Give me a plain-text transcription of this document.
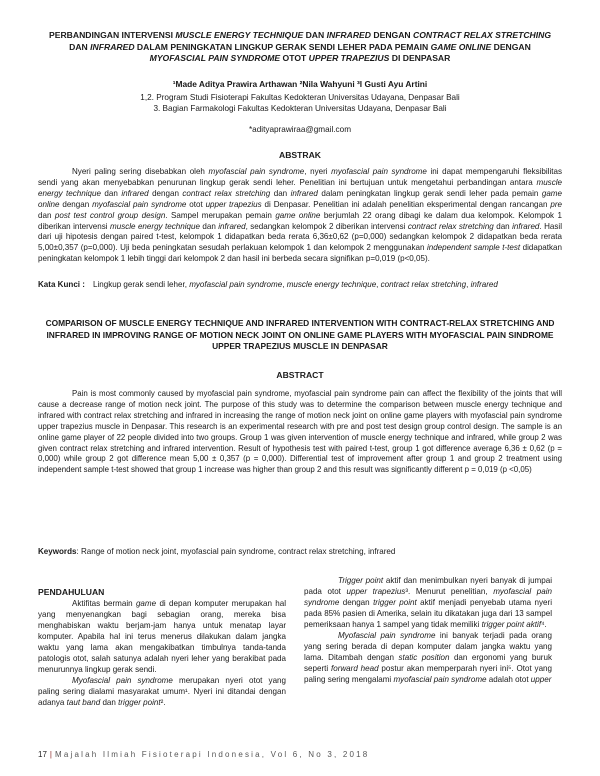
PERBANDINGAN INTERVENSI MUSCLE ENERGY TECHNIQUE DAN INFRARED DENGAN CONTRACT RELAX STRETCHING DAN INFRARED DALAM PENINGKATAN LINGKUP GERAK SENDI LEHER PADA PEMAIN GAME ONLINE DENGAN MYOFASCIAL PAIN SYNDROME OTOT UPPER TRAPEZIUS DI DENPASAR
¹Made Aditya Prawira Arthawan ²Nila Wahyuni ³I Gusti Ayu Artini
1,2. Program Studi Fisioterapi Fakultas Kedokteran Universitas Udayana, Denpasar Bali
3. Bagian Farmakologi Fakultas Kedokteran Universitas Udayana, Denpasar Bali
*adityaprawiraa@gmail.com
ABSTRAK
Nyeri paling sering disebabkan oleh myofascial pain syndrome, nyeri myofascial pain syndrome ini dapat mempengaruhi fleksibilitas sendi yang akan menyebabkan penurunan lingkup gerak sendi leher. Penelitian ini bertujuan untuk mengetahui perbandingan antara muscle energy technique dan infrared dengan contract relax stretching dan infrared dalam peningkatan lingkup gerak sendi leher pada pemain game online dengan myofascial pain syndrome otot upper trapezius di Denpasar. Penelitian ini adalah penelitian eksperimental dengan rancangan pre dan post test control group design. Sampel merupakan pemain game online berjumlah 22 orang dibagi ke dalam dua kelompok. Kelompok 1 diberikan intervensi muscle energy technique dan infrared, sedangkan kelompok 2 diberikan intervensi contract relax stretching dan infrared. Hasil dari uji hipotesis dengan paired t-test, kelompok 1 didapatkan beda rerata 6,36±0,62 (p=0,000) sedangkan kelompok 2 didapatkan beda rerata 5,00±0,357 (p=0,000). Uji beda peningkatan sesudah perlakuan kelompok 1 dan kelompok 2 menggunakan independent sample t-test didapatkan peningkatan kelompok 1 lebih tinggi dari kelompok 2 dan hasil ini berbeda secara signifikan p=0,019 (p<0,05).
Kata Kunci : Lingkup gerak sendi leher, myofascial pain syndrome, muscle energy technique, contract relax stretching, infrared
COMPARISON OF MUSCLE ENERGY TECHNIQUE AND INFRARED INTERVENTION WITH CONTRACT-RELAX STRETCHING AND INFRARED IN IMPROVING RANGE OF MOTION NECK JOINT ON ONLINE GAME PLAYERS WITH MYOFASCIAL PAIN SINDROME UPPER TRAPEZIUS MUSCLE IN DENPASAR
ABSTRACT
Pain is most commonly caused by myofascial pain syndrome, myofascial pain syndrome pain can affect the flexibility of the joints that will cause a decrease range of motion neck joint. The purpose of this study was to determine the comparison between muscle energy technique and infrared with contract relax stretching and infrared in increasing the range of motion neck joint on online game players with myofascial pain syndrome upper trapezius muscle in Denpasar. This research is an experimental research with pre and post test design group control design. The sample is an online game player of 22 people divided into two groups. Group 1 was given intervention of muscle energy technique and infrared, while group 2 was given contract relax stretching and infrared intervention. Result of hypothesis test with paired t-test, group 1 got difference average 6,36 ± 0,62 (p = 0,000) while group 2 got difference mean 5,00 ± 0,357 (p = 0,000). Differential test of improvement after group 1 and group 2 treatment using independent sample t-test showed that group 1 increase was higher than group 2 and this result was significantly different p = 0,019 (p <0,05)
Keywords: Range of motion neck joint, myofascial pain syndrome, contract relax stretching, infrared
PENDAHULUAN

Aktifitas bermain game di depan komputer merupakan hal yang menyenangkan bagi sebagian orang, mereka bisa menghabiskan waktu berjam-jam hanya untuk menatap layar komputer. Apabila hal ini terus menerus dilakukan dalam jangka waktu yang lama akan mengakibatkan timbulnya tanda-tanda patologis otot, salah satunya adalah nyeri leher yang berakibat pada menurunnya lingkup gerak sendi.

Myofascial pain syndrome merupakan nyeri otot yang paling sering dialami masyarakat umum¹. Nyeri ini ditandai dengan adanya taut band dan trigger point².

Trigger point aktif dan menimbulkan nyeri banyak di jumpai pada otot upper trapezius³. Menurut penelitian, myofascial pain syndrome dengan trigger point aktif menjadi penyebab utama nyeri pada 85% pasien di Amerika, selain itu dikatakan juga dari 13 sampel pemeriksaan hanya 1 sampel yang tidak memiliki trigger point aktif⁴.

Myofascial pain syndrome ini banyak terjadi pada orang yang sering berada di depan komputer dalam jangka waktu yang lama. Ditambah dengan static position dan ergonomi yang buruk seperti forward head postur akan memperparah nyeri ini⁵. Otot yang paling sering mengalami myofascial pain syndrome adalah otot upper

17 | Majalah Ilmiah Fisioterapi Indonesia, Vol 6, No 3, 2018
